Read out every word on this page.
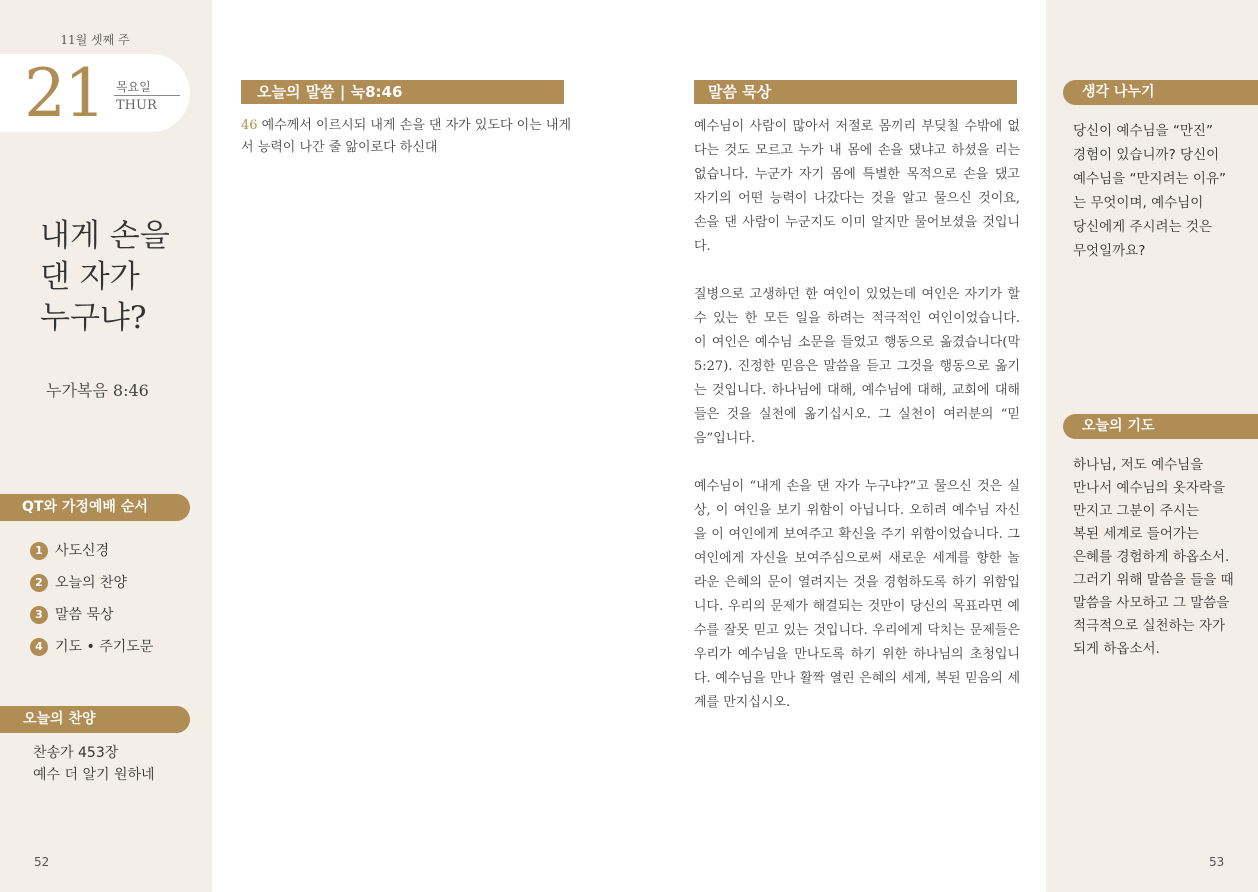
11월 셋째 주
21 목요일
THUR
내게 손을
댄 자가
누구냐?
누가복음 8:46
QT와 가정예배 순서
1 사도신경
2 오늘의 찬양
3 말씀 묵상
4 기도 • 주기도문
오늘의 찬양
찬송가 453장
예수 더 알기 원하네
52
오늘의 말씀 | 눅8:46
46 예수께서 이르시되 내게 손을 댄 자가 있도다 이는 내게서 능력이 나간 줄 앎이로다 하신대
말씀 묵상

예수님이 사람이 많아서 저절로 몸끼리 부딪칠 수밖에 없다는 것도 모르고 누가 내 몸에 손을 댔냐고 하셨을 리는 없습니다. 누군가 자기 몸에 특별한 목적으로 손을 댔고 자기의 어떤 능력이 나갔다는 것을 알고 물으신 것이요, 손을 댄 사람이 누군지도 이미 알지만 물어보셨을 것입니다.

질병으로 고생하던 한 여인이 있었는데 여인은 자기가 할 수 있는 한 모든 일을 하려는 적극적인 여인이었습니다. 이 여인은 예수님 소문을 들었고 행동으로 옮겼습니다(막5:27). 진정한 믿음은 말씀을 듣고 그것을 행동으로 옮기는 것입니다. 하나님에 대해, 예수님에 대해, 교회에 대해 들은 것을 실천에 옮기십시오. 그 실천이 여러분의 “믿음”입니다.

예수님이 “내게 손을 댄 자가 누구냐?”고 물으신 것은 실상, 이 여인을 보기 위함이 아닙니다. 오히려 예수님 자신을 이 여인에게 보여주고 확신을 주기 위함이었습니다. 그 여인에게 자신을 보여주심으로써 새로운 세계를 향한 놀라운 은혜의 문이 열려지는 것을 경험하도록 하기 위함입니다. 우리의 문제가 해결되는 것만이 당신의 목표라면 예수를 잘못 믿고 있는 것입니다. 우리에게 닥치는 문제들은 우리가 예수님을 만나도록 하기 위한 하나님의 초청입니다. 예수님을 만나 활짝 열린 은혜의 세계, 복된 믿음의 세계를 만지십시오.

53
생각 나누기
당신이 예수님을 “만진”
경험이 있습니까? 당신이
예수님을 “만지려는 이유”
는 무엇이며, 예수님이
당신에게 주시려는 것은
무엇일까요?
오늘의 기도
하나님, 저도 예수님을
만나서 예수님의 옷자락을
만지고 그분이 주시는
복된 세계로 들어가는
은혜를 경험하게 하옵소서.
그러기 위해 말씀을 들을 때
말씀을 사모하고 그 말씀을
적극적으로 실천하는 자가
되게 하옵소서.
